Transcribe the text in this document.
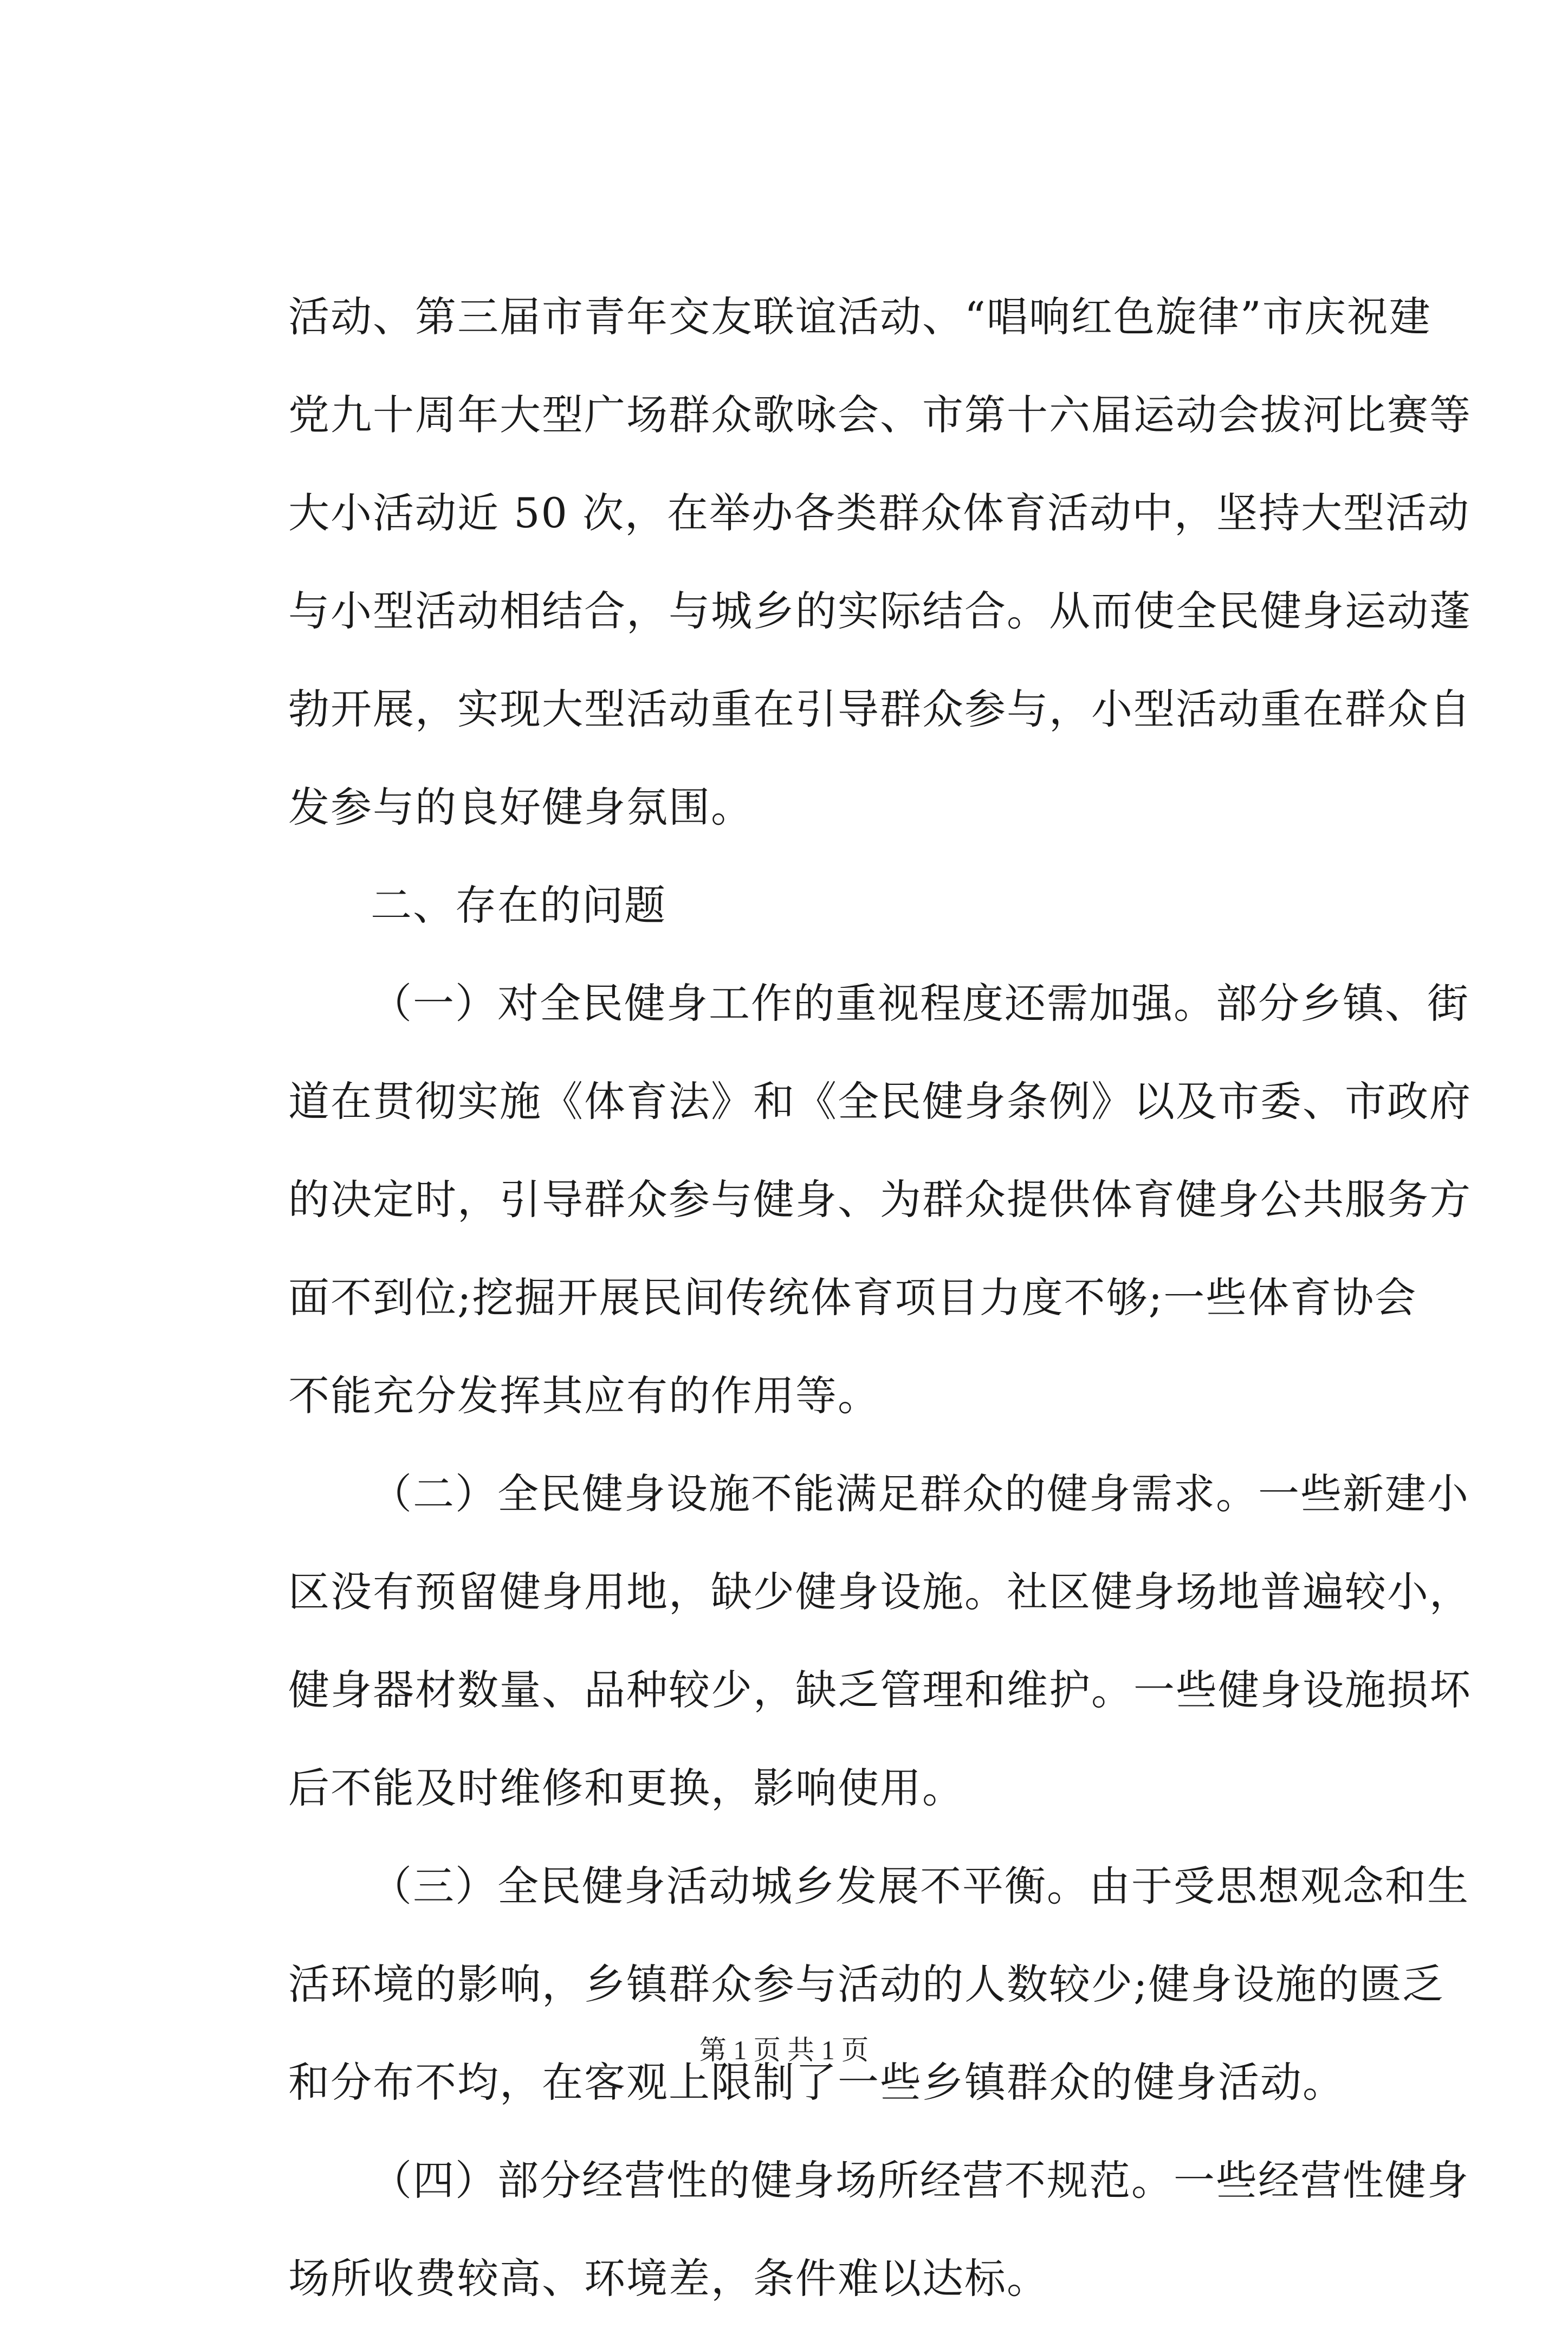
活动、第三届市青年交友联谊活动、“唱响红色旋律”市庆祝建
党九十周年大型广场群众歌咏会、市第十六届运动会拔河比赛等
大小活动近 50 次，在举办各类群众体育活动中，坚持大型活动
与小型活动相结合，与城乡的实际结合。从而使全民健身运动蓬
勃开展，实现大型活动重在引导群众参与，小型活动重在群众自
发参与的良好健身氛围。
二、存在的问题
（一）对全民健身工作的重视程度还需加强。部分乡镇、街
道在贯彻实施《体育法》和《全民健身条例》以及市委、市政府
的决定时，引导群众参与健身、为群众提供体育健身公共服务方
面不到位;挖掘开展民间传统体育项目力度不够;一些体育协会
不能充分发挥其应有的作用等。
（二）全民健身设施不能满足群众的健身需求。一些新建小
区没有预留健身用地，缺少健身设施。社区健身场地普遍较小，
健身器材数量、品种较少，缺乏管理和维护。一些健身设施损坏
后不能及时维修和更换，影响使用。
（三）全民健身活动城乡发展不平衡。由于受思想观念和生
活环境的影响，乡镇群众参与活动的人数较少;健身设施的匮乏
和分布不均，在客观上限制了一些乡镇群众的健身活动。
（四）部分经营性的健身场所经营不规范。一些经营性健身
场所收费较高、环境差，条件难以达标。
第 1 页 共 1 页
